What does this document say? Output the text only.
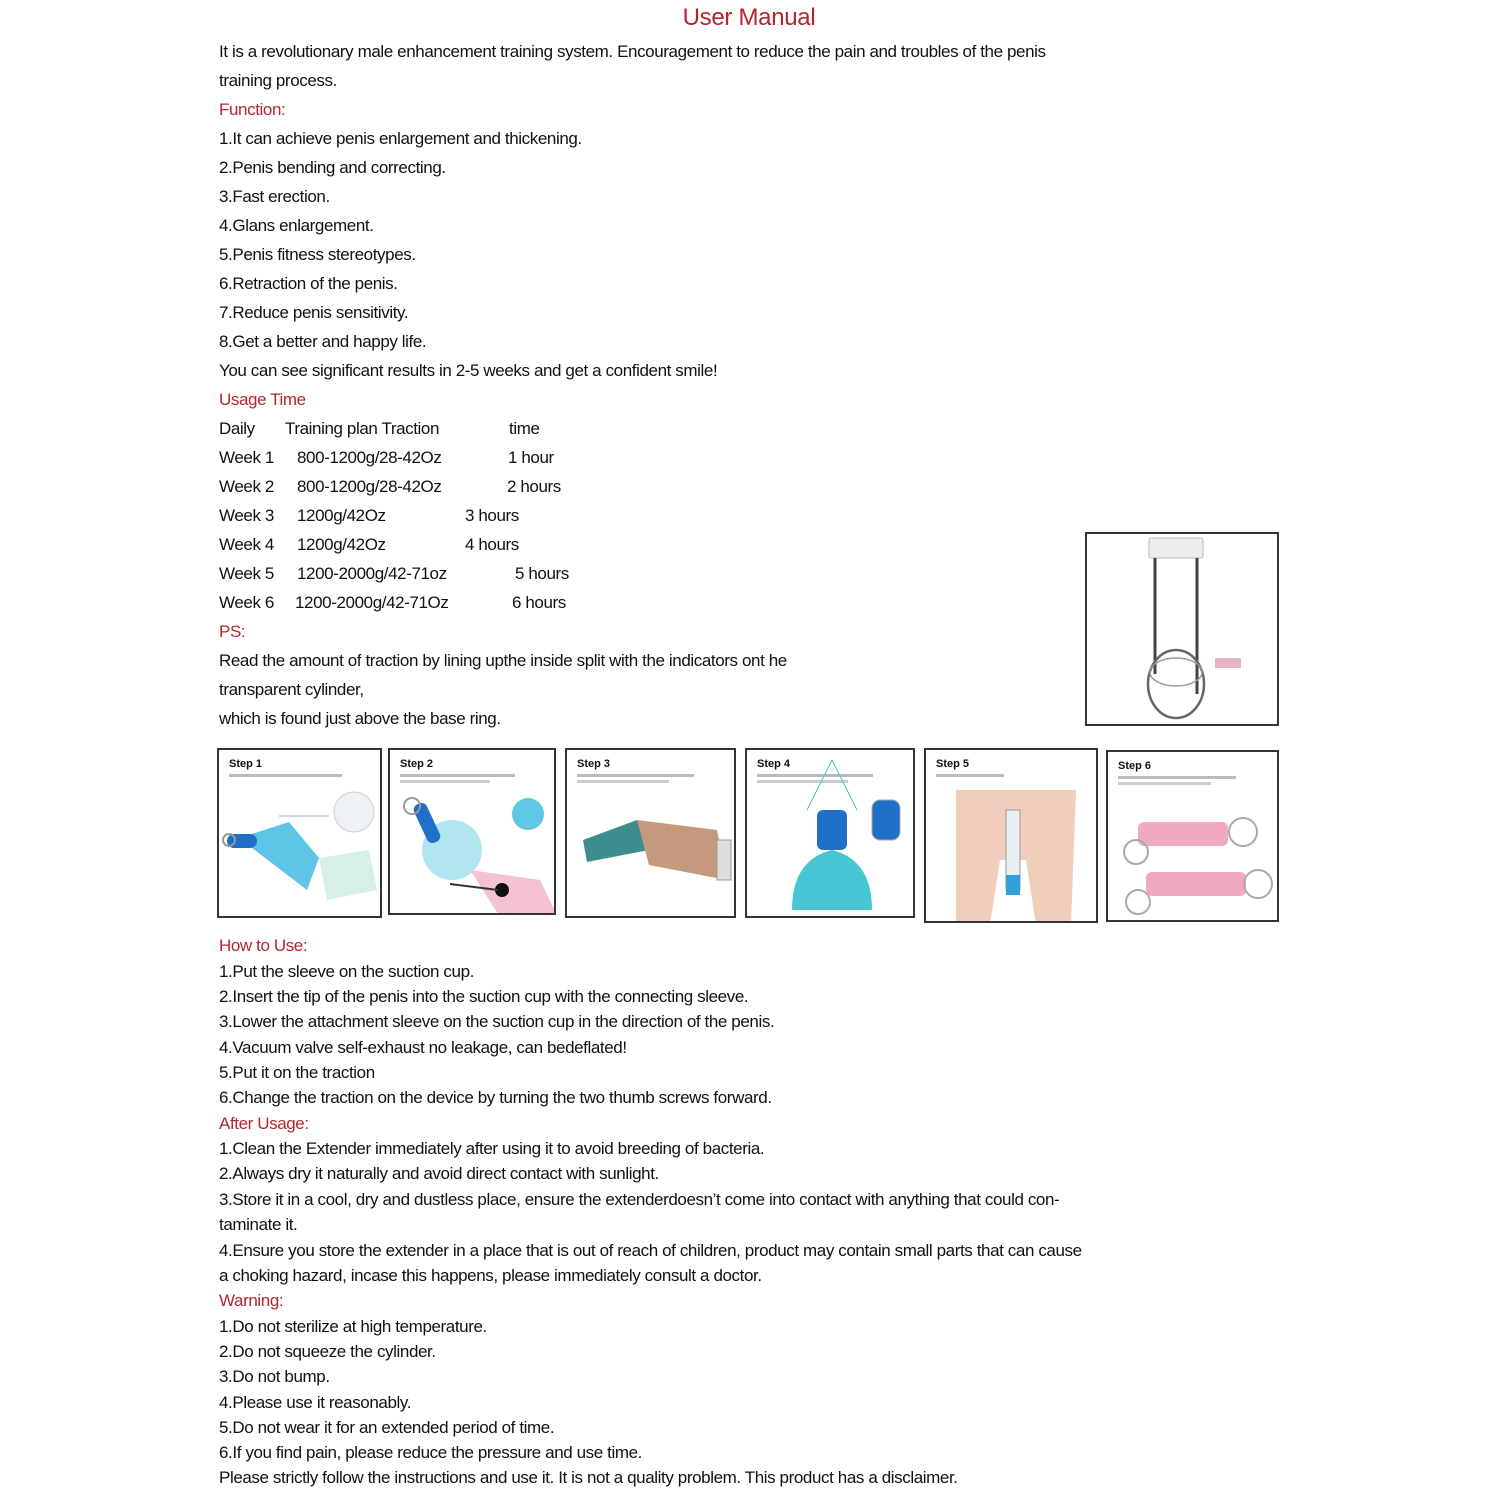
User Manual
It is a revolutionary male enhancement training system. Encouragement to reduce the pain and troubles of the penis
training process.
Function:
1.It can achieve penis enlargement and thickening.
2.Penis bending and correcting.
3.Fast erection.
4.Glans enlargement.
5.Penis fitness stereotypes.
6.Retraction of the penis.
7.Reduce penis sensitivity.
8.Get a better and happy life.
You can see significant results in 2-5 weeks and get a confident smile!
Usage Time
Daily Training plan Traction	time
Week 1 800-1200g/28-42Oz	1 hour
Week 2 800-1200g/28-42Oz	2 hours
Week 3 1200g/42Oz	3 hours
Week 4 1200g/42Oz	4 hours
Week 5 1200-2000g/42-71oz	5 hours
Week 6 1200-2000g/42-71Oz	6 hours
PS:
Read the amount of traction by lining upthe inside split with the indicators ont he
transparent cylinder,
which is found just above the base ring.
How to Use:
1.Put the sleeve on the suction cup.
2.Insert the tip of the penis into the suction cup with the connecting sleeve.
3.Lower the attachment sleeve on the suction cup in the direction of the penis.
4.Vacuum valve self-exhaust no leakage, can bedeflated!
5.Put it on the traction
6.Change the traction on the device by turning the two thumb screws forward.
After Usage:
1.Clean the Extender immediately after using it to avoid breeding of bacteria.
2.Always dry it naturally and avoid direct contact with sunlight.
3.Store it in a cool, dry and dustless place, ensure the extenderdoesn’t come into contact with anything that could con-
taminate it.
4.Ensure you store the extender in a place that is out of reach of children, product may contain small parts that can cause
a choking hazard, incase this happens, please immediately consult a doctor.
Warning:
1.Do not sterilize at high temperature.
2.Do not squeeze the cylinder.
3.Do not bump.
4.Please use it reasonably.
5.Do not wear it for an extended period of time.
6.If you find pain, please reduce the pressure and use time.
Please strictly follow the instructions and use it. It is not a quality problem. This product has a disclaimer.
Step 1	Step 2	Step 3	Step 4	Step 5	Step 6
